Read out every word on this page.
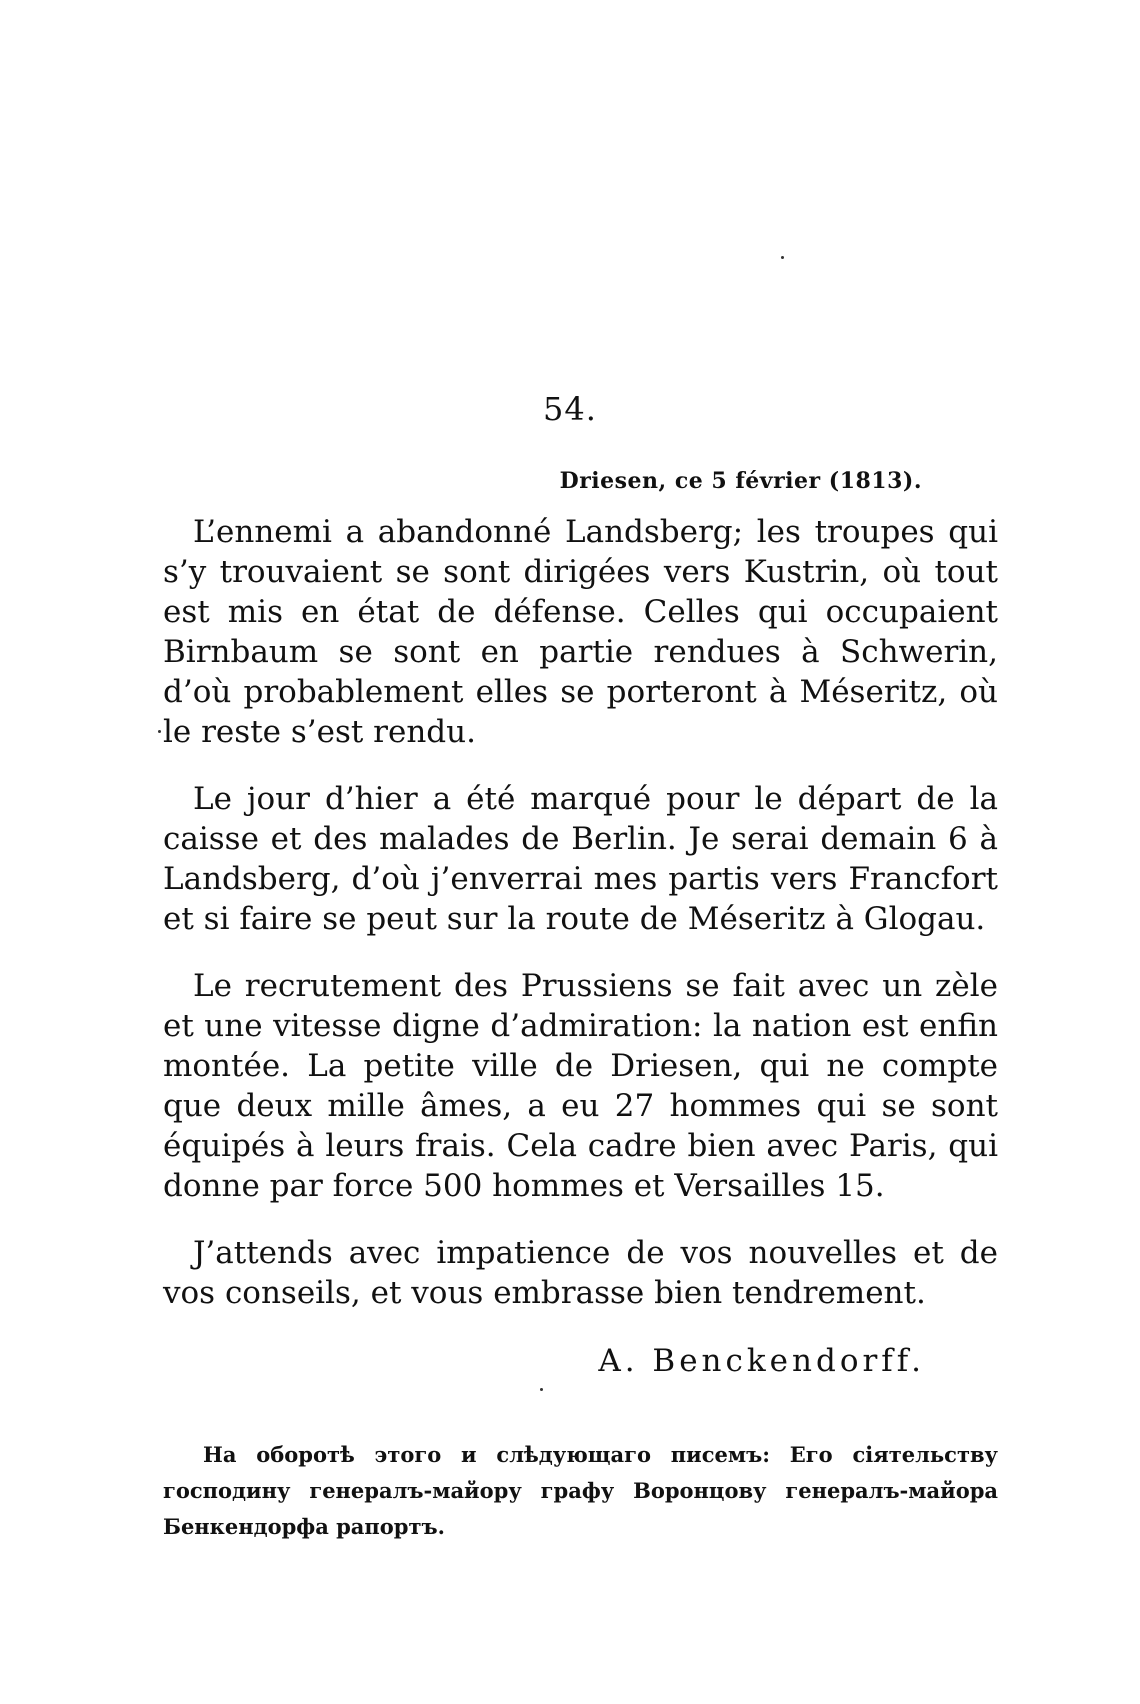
54.
Driesen, ce 5 février (1813).

L’ennemi a abandonné Landsberg; les troupes qui s’y trouvaient se sont dirigées vers Kustrin, où tout est mis en état de défense. Celles qui occupaient Birnbaum se sont en partie rendues à Schwerin, d’où probablement elles se porteront à Méseritz, où le reste s’est rendu.

Le jour d’hier a été marqué pour le départ de la caisse et des malades de Berlin. Je serai demain 6 à Landsberg, d’où j’enverrai mes partis vers Francfort et si faire se peut sur la route de Méseritz à Glogau.

Le recrutement des Prussiens se fait avec un zèle et une vitesse digne d’admiration: la nation est enfin montée. La petite ville de Driesen, qui ne compte que deux mille âmes, a eu 27 hommes qui se sont équipés à leurs frais. Cela cadre bien avec Paris, qui donne par force 500 hommes et Versailles 15.

J’attends avec impatience de vos nouvelles et de vos conseils, et vous embrasse bien tendrement.

A. Benckendorff.
На оборотѣ этого и слѣдующаго писемъ: Его сіятельству господину генералъ-майору графу Воронцову генералъ-майора Бенкендорфа рапортъ.
